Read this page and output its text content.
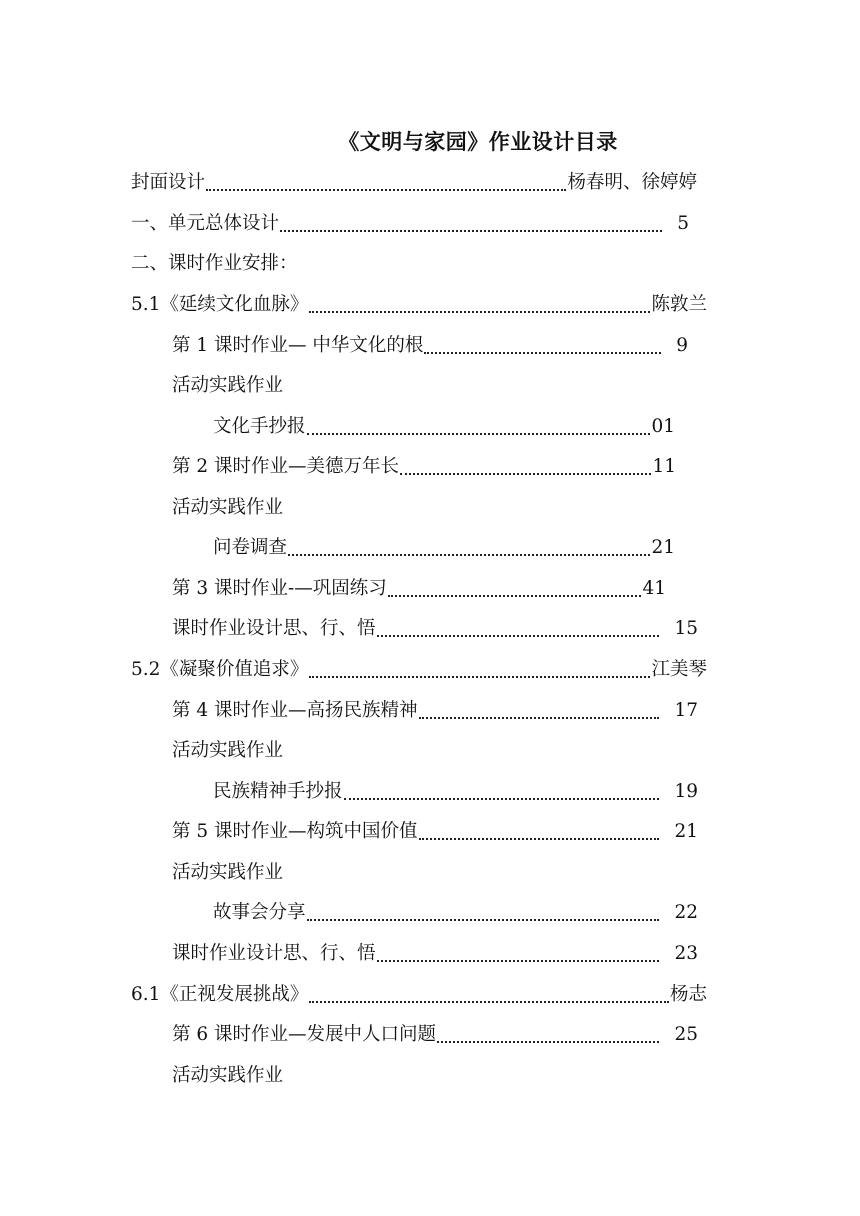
《文明与家园》作业设计目录
封面设计	杨春明、徐婷婷
一、单元总体设计	5
二、课时作业安排：
5.1《延续文化血脉》	陈敦兰
第 1 课时作业— 中华文化的根	9
活动实践作业
文化手抄报	01
第 2 课时作业—美德万年长	11
活动实践作业
问卷调查	21
第 3 课时作业-—巩固练习	41
课时作业设计思、行、悟	15
5.2《凝聚价值追求》	江美琴
第 4 课时作业—高扬民族精神	17
活动实践作业
民族精神手抄报	19
第 5 课时作业—构筑中国价值	21
活动实践作业
故事会分享	22
课时作业设计思、行、悟	23
6.1《正视发展挑战》	杨志
第 6 课时作业—发展中人口问题	25
活动实践作业
